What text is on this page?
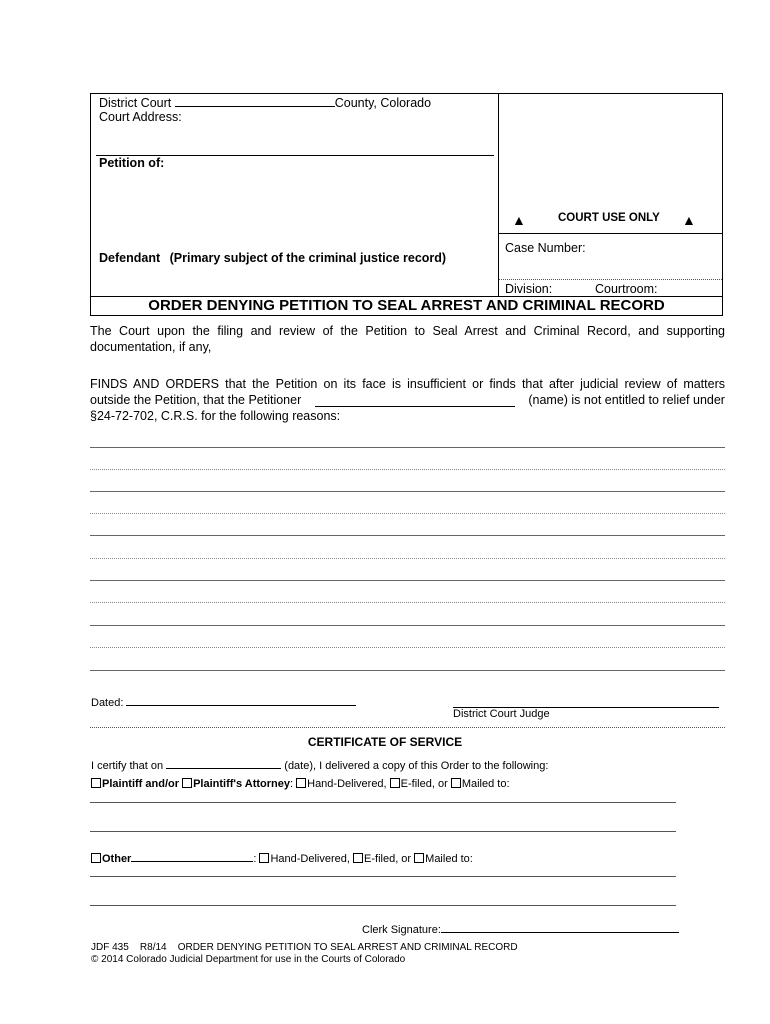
District Court	County, Colorado
Court Address:
Petition of:
Defendant (Primary subject of the criminal justice record)
▲	COURT USE ONLY ▲
Case Number:
Division:	Courtroom:
ORDER DENYING PETITION TO SEAL ARREST AND CRIMINAL RECORD
The Court upon the filing and review of the Petition to Seal Arrest and Criminal Record, and supporting documentation, if any,
FINDS AND ORDERS that the Petition on its face is insufficient or finds that after judicial review of matters
outside the Petition, that the Petitioner	(name) is not entitled to relief under
§24-72-702, C.R.S. for the following reasons:
Dated:
District Court Judge
CERTIFICATE OF SERVICE
I certify that on	(date), I delivered a copy of this Order to the following:
Plaintiff and/or Plaintiff's Attorney: Hand-Delivered, E-filed, or Mailed to:
Other	: Hand-Delivered, E-filed, or Mailed to:
Clerk Signature:
JDF 435    R8/14    ORDER DENYING PETITION TO SEAL ARREST AND CRIMINAL RECORD
© 2014 Colorado Judicial Department for use in the Courts of Colorado
